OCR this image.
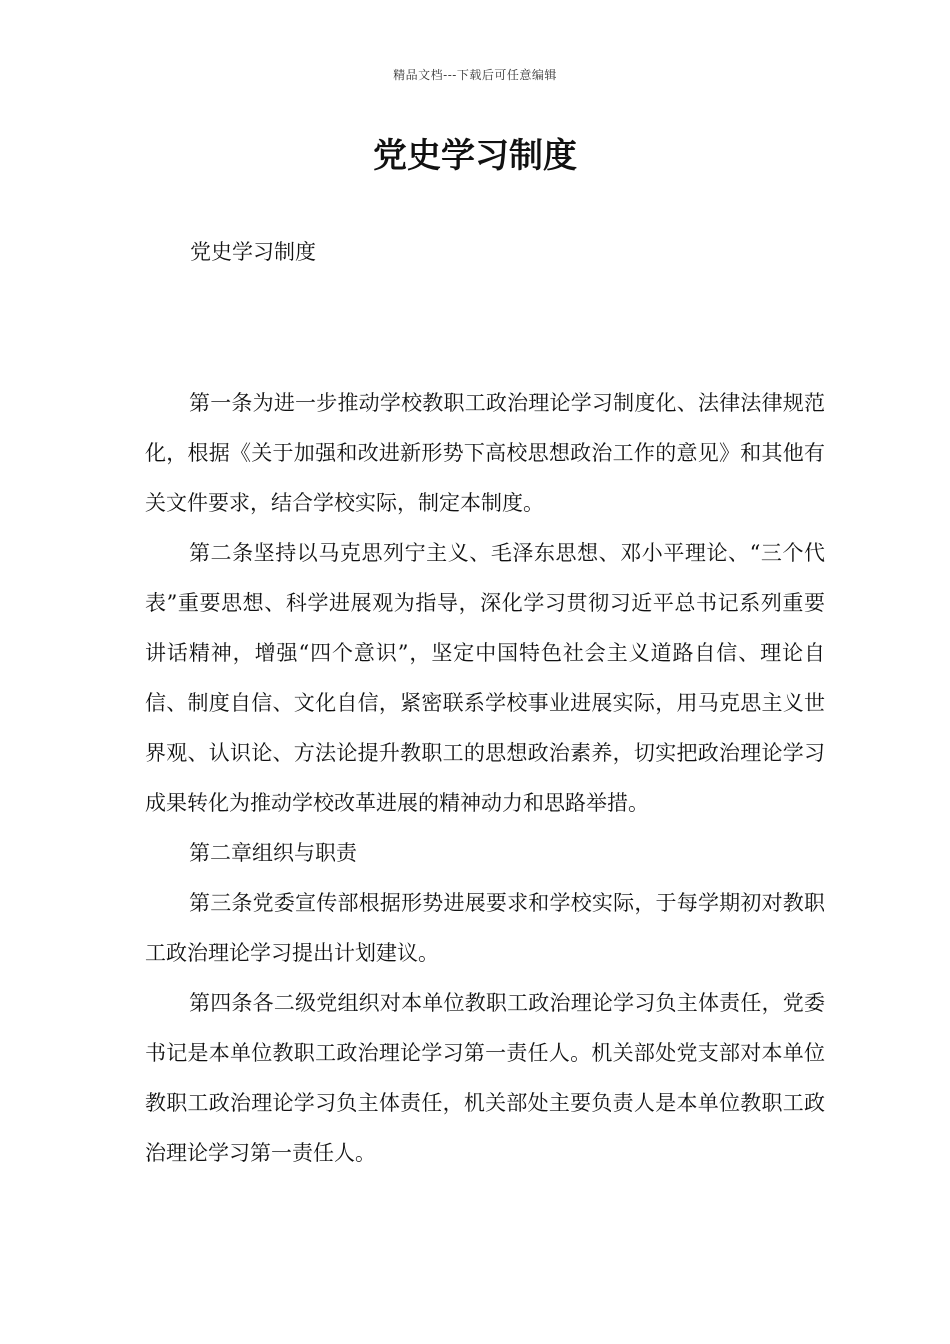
精品文档---下载后可任意编辑
党史学习制度

党史学习制度

第一条为进一步推动学校教职工政治理论学习制度化、法律法律规范化，根据《关于加强和改进新形势下高校思想政治工作的意见》和其他有关文件要求，结合学校实际，制定本制度。

第二条坚持以马克思列宁主义、毛泽东思想、邓小平理论、“三个代表”重要思想、科学进展观为指导，深化学习贯彻习近平总书记系列重要讲话精神，增强“四个意识”，坚定中国特色社会主义道路自信、理论自信、制度自信、文化自信，紧密联系学校事业进展实际，用马克思主义世界观、认识论、方法论提升教职工的思想政治素养，切实把政治理论学习成果转化为推动学校改革进展的精神动力和思路举措。

第二章组织与职责

第三条党委宣传部根据形势进展要求和学校实际，于每学期初对教职工政治理论学习提出计划建议。

第四条各二级党组织对本单位教职工政治理论学习负主体责任，党委书记是本单位教职工政治理论学习第一责任人。机关部处党支部对本单位教职工政治理论学习负主体责任，机关部处主要负责人是本单位教职工政治理论学习第一责任人。
